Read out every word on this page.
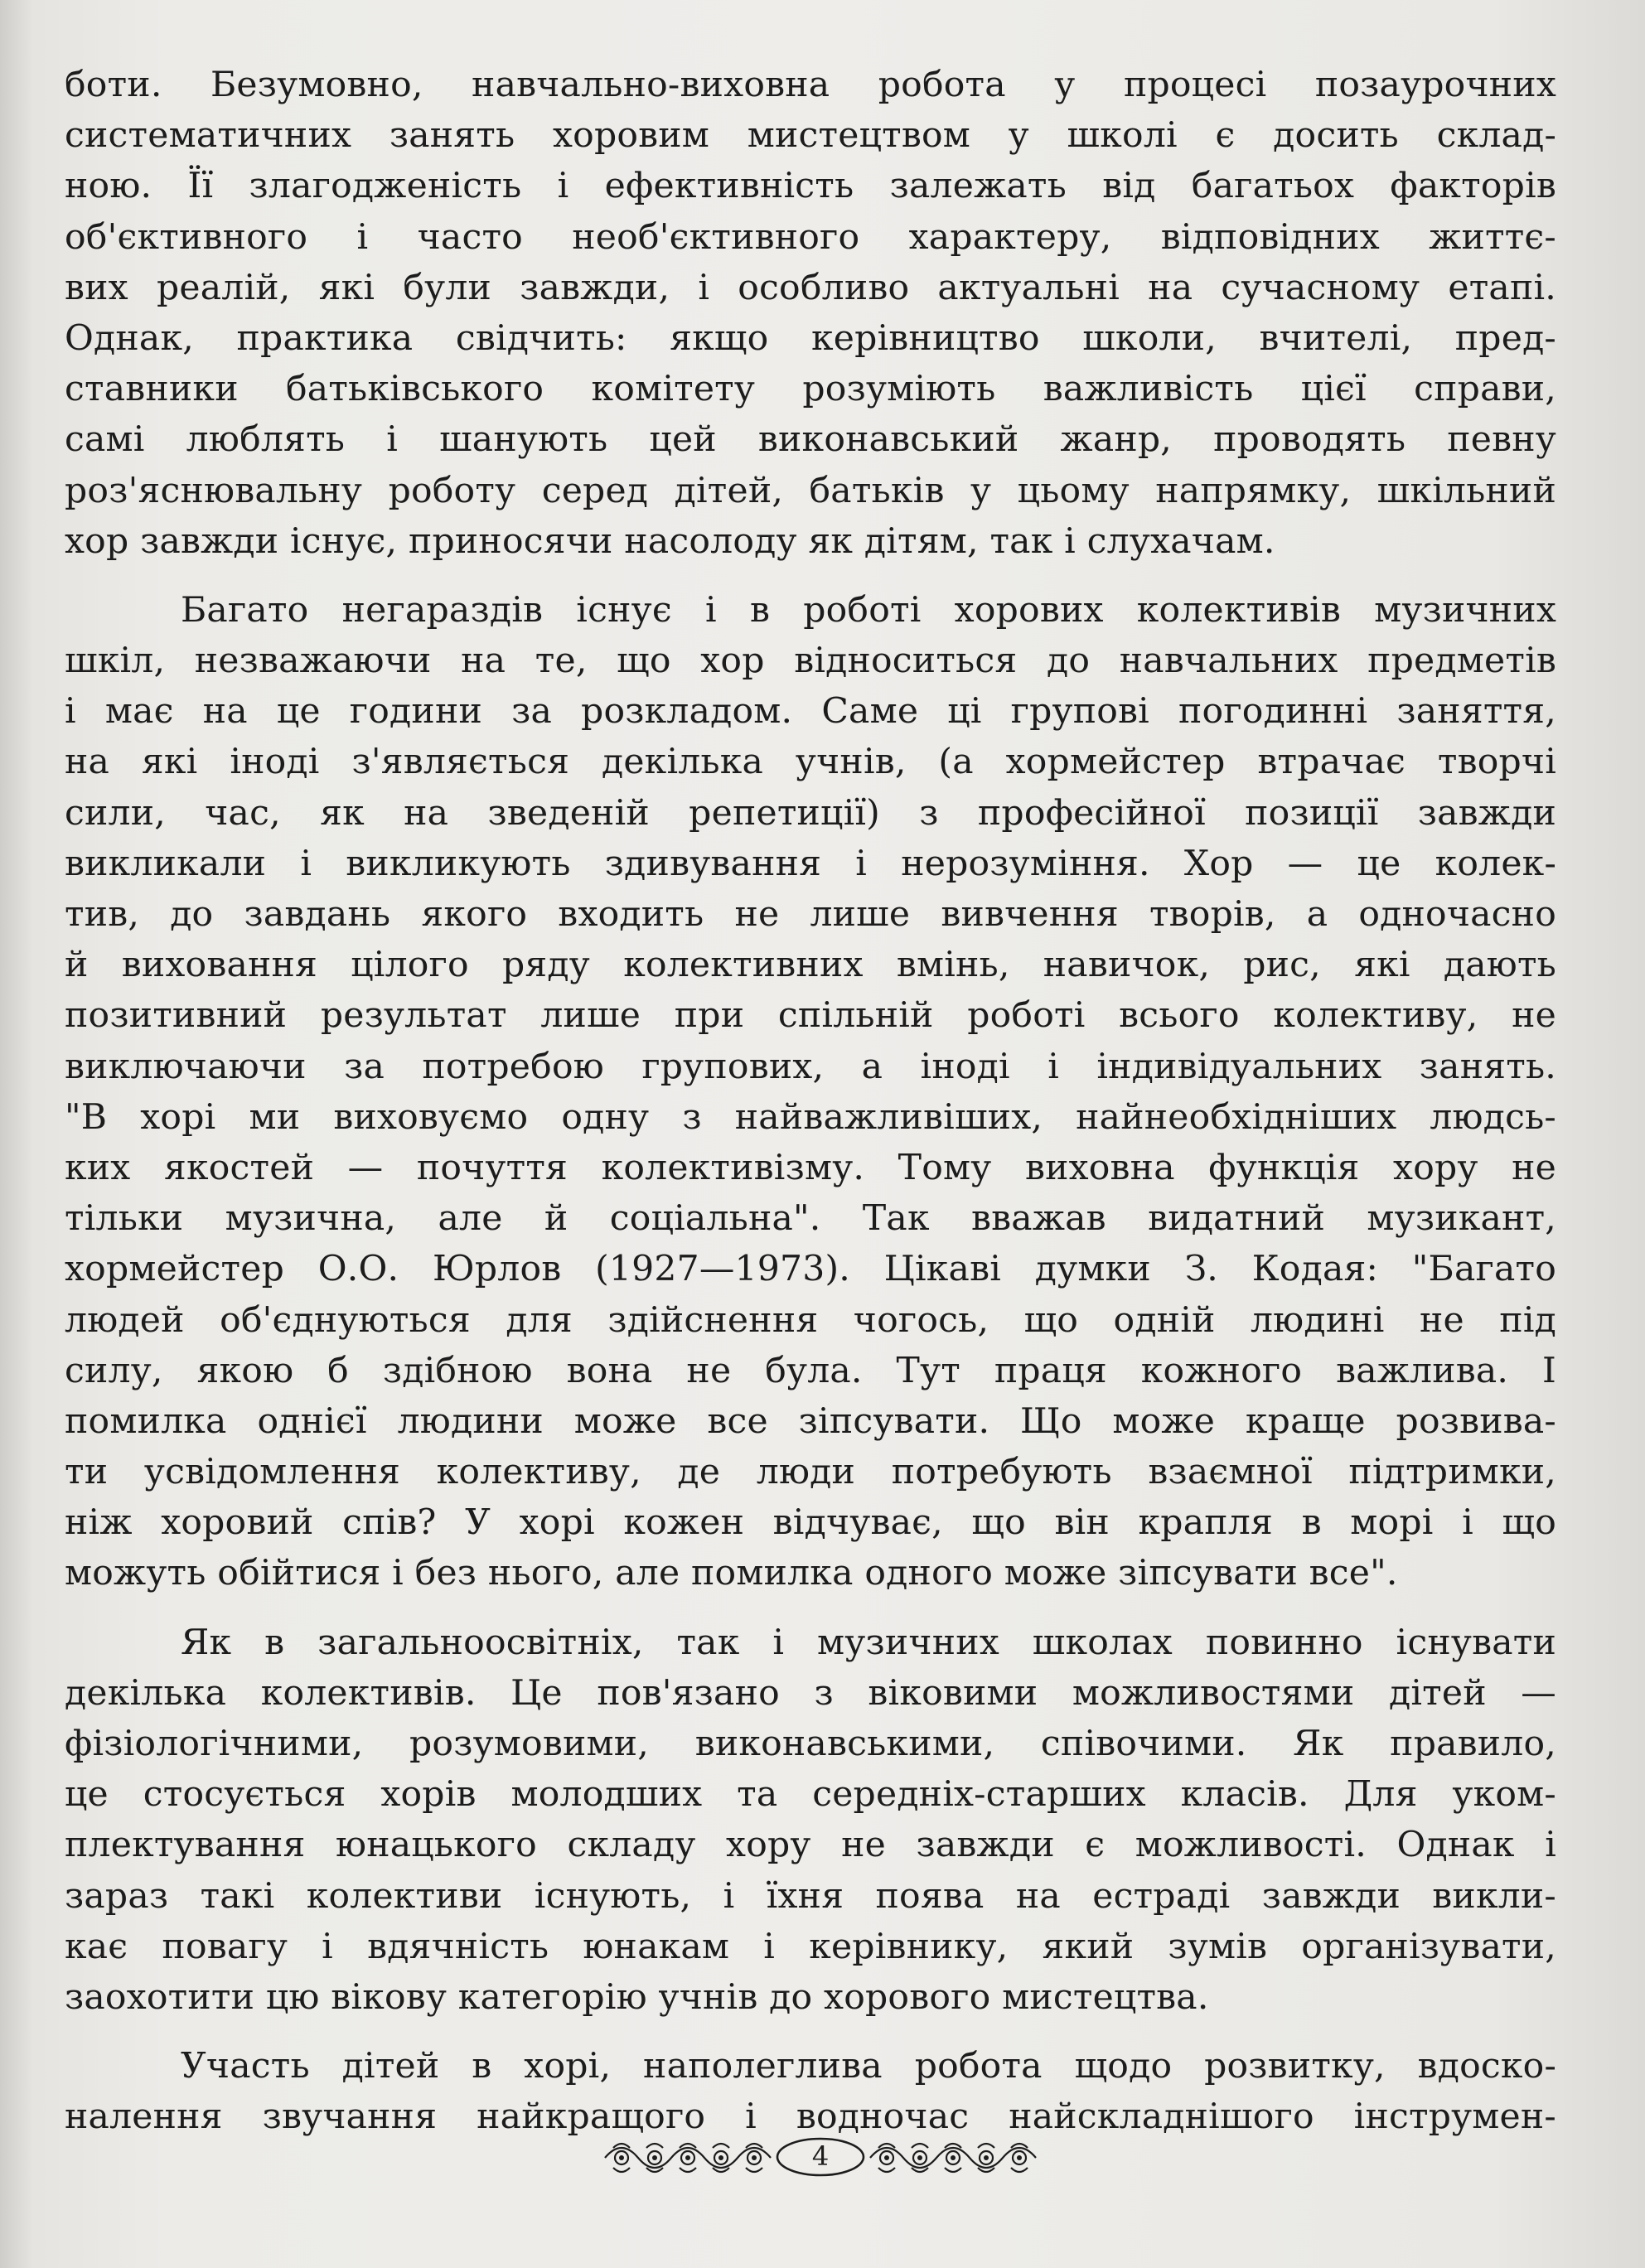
боти. Безумовно, навчально-виховна робота у процесі позаурочних
систематичних занять хоровим мистецтвом у школі є досить склад-
ною. Її злагодженість і ефективність залежать від багатьох факторів
об'єктивного і часто необ'єктивного характеру, відповідних життє-
вих реалій, які були завжди, і особливо актуальні на сучасному етапі.
Однак, практика свідчить: якщо керівництво школи, вчителі, пред-
ставники батьківського комітету розуміють важливість цієї справи,
самі люблять і шанують цей виконавський жанр, проводять певну
роз'яснювальну роботу серед дітей, батьків у цьому напрямку, шкільний
хор завжди існує, приносячи насолоду як дітям, так і слухачам.
Багато негараздів існує і в роботі хорових колективів музичних
шкіл, незважаючи на те, що хор відноситься до навчальних предметів
і має на це години за розкладом. Саме ці групові погодинні заняття,
на які іноді з'являється декілька учнів, (а хормейстер втрачає творчі
сили, час, як на зведеній репетиції) з професійної позиції завжди
викликали і викликують здивування і нерозуміння. Хор — це колек-
тив, до завдань якого входить не лише вивчення творів, а одночасно
й виховання цілого ряду колективних вмінь, навичок, рис, які дають
позитивний результат лише при спільній роботі всього колективу, не
виключаючи за потребою групових, а іноді і індивідуальних занять.
"В хорі ми виховуємо одну з найважливіших, найнеобхідніших людсь-
ких якостей — почуття колективізму. Тому виховна функція хору не
тільки музична, але й соціальна". Так вважав видатний музикант,
хормейстер О.О. Юрлов (1927—1973). Цікаві думки З. Кодая: "Багато
людей об'єднуються для здійснення чогось, що одній людині не під
силу, якою б здібною вона не була. Тут праця кожного важлива. І
помилка однієї людини може все зіпсувати. Що може краще розвива-
ти усвідомлення колективу, де люди потребують взаємної підтримки,
ніж хоровий спів? У хорі кожен відчуває, що він крапля в морі і що
можуть обійтися і без нього, але помилка одного може зіпсувати все".
Як в загальноосвітніх, так і музичних школах повинно існувати
декілька колективів. Це пов'язано з віковими можливостями дітей —
фізіологічними, розумовими, виконавськими, співочими. Як правило,
це стосується хорів молодших та середніх-старших класів. Для уком-
плектування юнацького складу хору не завжди є можливості. Однак і
зараз такі колективи існують, і їхня поява на естраді завжди викли-
кає повагу і вдячність юнакам і керівнику, який зумів організувати,
заохотити цю вікову категорію учнів до хорового мистецтва.
Участь дітей в хорі, наполеглива робота щодо розвитку, вдоско-
налення звучання найкращого і водночас найскладнішого інструмен-
4
